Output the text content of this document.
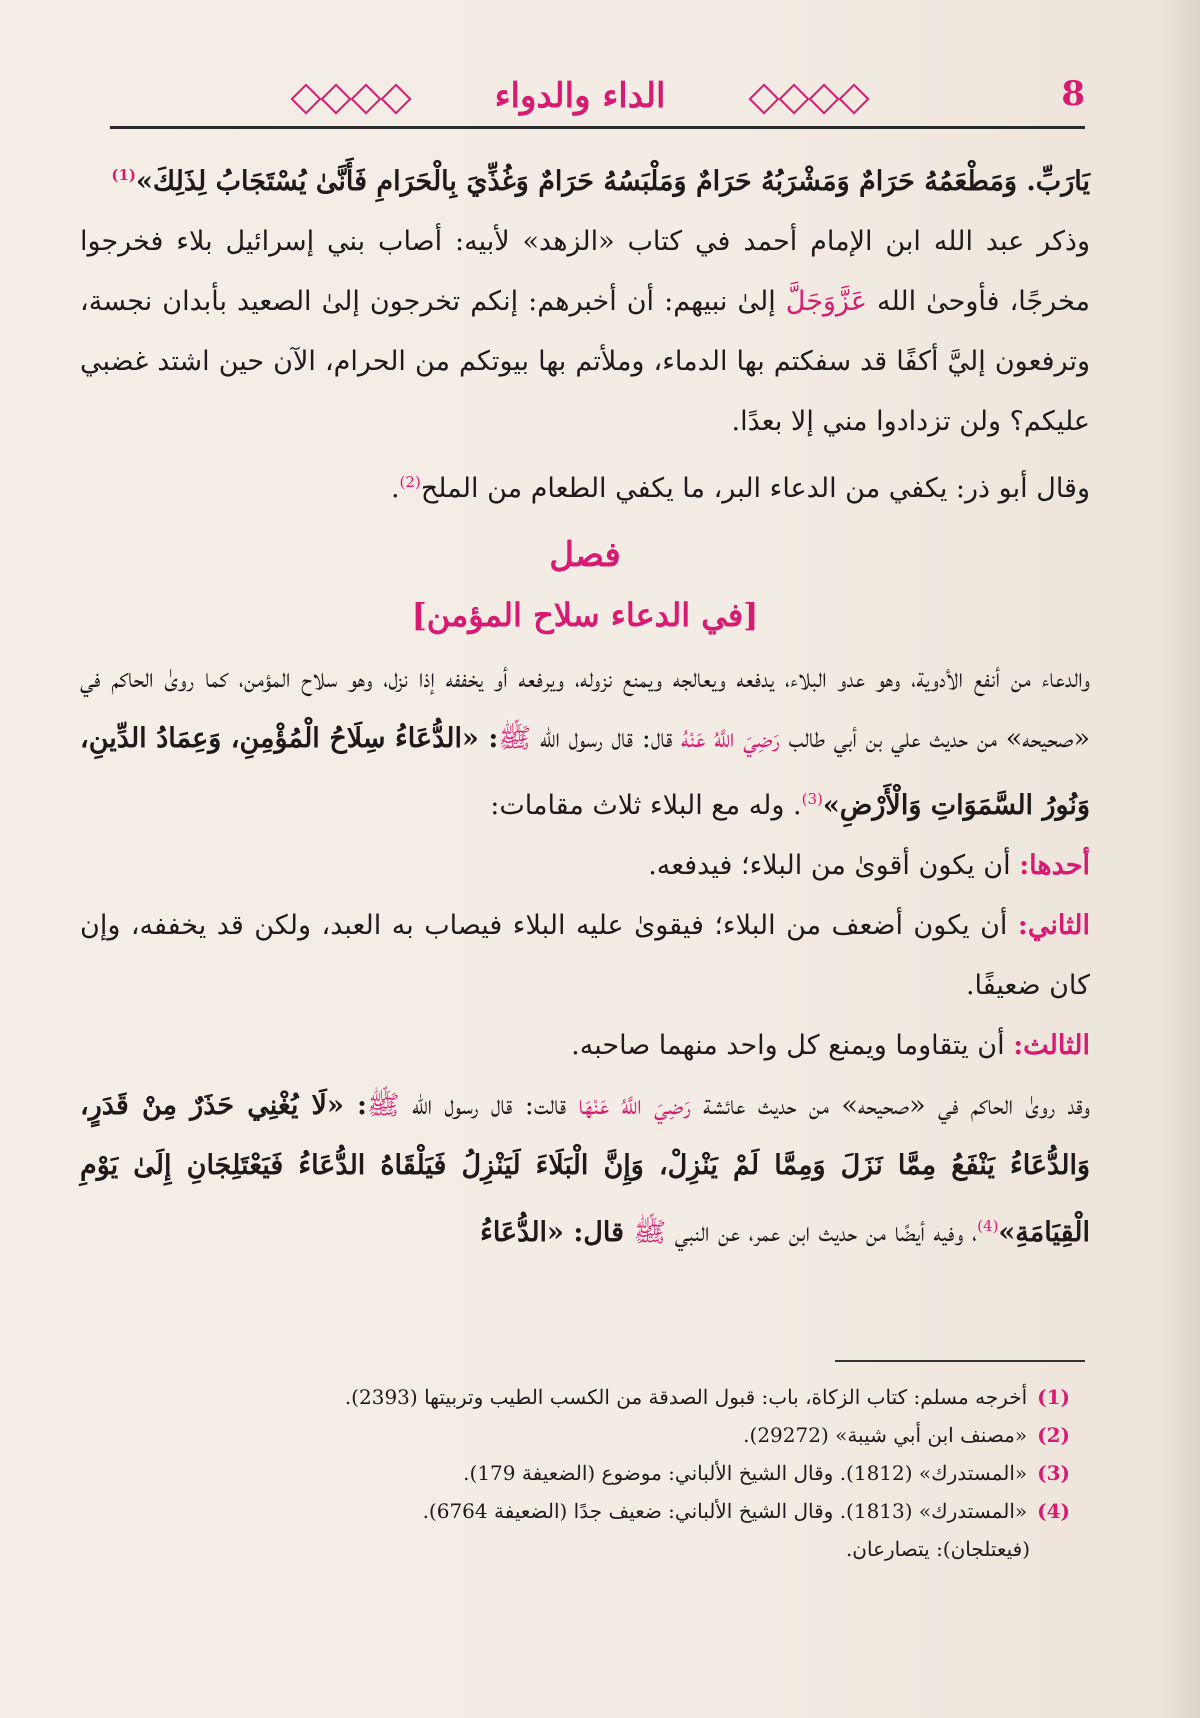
الداء والدواء	8

يَارَبِّ. وَمَطْعَمُهُ حَرَامٌ وَمَشْرَبُهُ حَرَامٌ وَمَلْبَسُهُ حَرَامٌ وَغُذِّيَ بِالْحَرَامِ فَأَنَّىٰ يُسْتَجَابُ لِذَلِكَ»$^{(1)}$

وذكر عبد الله ابن الإمام أحمد في كتاب «الزهد» لأبيه: أصاب بني إسرائيل بلاء فخرجوا مخرجًا، فأوحىٰ الله عَزَّوَجَلَّ إلىٰ نبيهم: أن أخبرهم: إنكم تخرجون إلىٰ الصعيد بأبدان نجسة، وترفعون إليَّ أكفًا قد سفكتم بها الدماء، وملأتم بها بيوتكم من الحرام، الآن حين اشتد غضبي عليكم؟ ولن تزدادوا مني إلا بعدًا.

وقال أبو ذر: يكفي من الدعاء البر، ما يكفي الطعام من الملح$^{(2)}$.

فصل
[في الدعاء سلاح المؤمن]

والدعاء من أنفع الأدوية، وهو عدو البلاء، يدفعه ويعالجه ويمنع نزوله، ويرفعه أو يخففه إذا نزل، وهو سلاح المؤمن، كما روىٰ الحاكم في «صحيحه» من حديث علي بن أبي طالب رَضِيَ اللَّهُ عَنْهُ قال: قال رسول الله ﷺ: «الدُّعَاءُ سِلَاحُ الْمُؤْمِنِ، وَعِمَادُ الدِّينِ، وَنُورُ السَّمَوَاتِ وَالْأَرْضِ»$^{(3)}$. وله مع البلاء ثلاث مقامات:

أحدها: أن يكون أقوىٰ من البلاء؛ فيدفعه.

الثاني: أن يكون أضعف من البلاء؛ فيقوىٰ عليه البلاء فيصاب به العبد، ولكن قد يخففه، وإن كان ضعيفًا.

الثالث: أن يتقاوما ويمنع كل واحد منهما صاحبه.

وقد روىٰ الحاكم في «صحيحه» من حديث عائشة رَضِيَ اللَّهُ عَنْهَا قالت: قال رسول الله ﷺ: «لَا يُغْنِي حَذَرٌ مِنْ قَدَرٍ، وَالدُّعَاءُ يَنْفَعُ مِمَّا نَزَلَ وَمِمَّا لَمْ يَنْزِلْ، وَإِنَّ الْبَلَاءَ لَيَنْزِلُ فَيَلْقَاهُ الدُّعَاءُ فَيَعْتَلِجَانِ إِلَىٰ يَوْمِ الْقِيَامَةِ»$^{(4)}$، وفيه أيضًا من حديث ابن عمر، عن النبي ﷺ قال: «الدُّعَاءُ

(1)أخرجه مسلم: كتاب الزكاة، باب: قبول الصدقة من الكسب الطيب وتربيتها (2393).

(2)«مصنف ابن أبي شيبة» (29272).

(3)«المستدرك» (1812). وقال الشيخ الألباني: موضوع (الضعيفة 179).

(4)«المستدرك» (1813). وقال الشيخ الألباني: ضعيف جدًا (الضعيفة 6764).

(فيعتلجان): يتصارعان.
